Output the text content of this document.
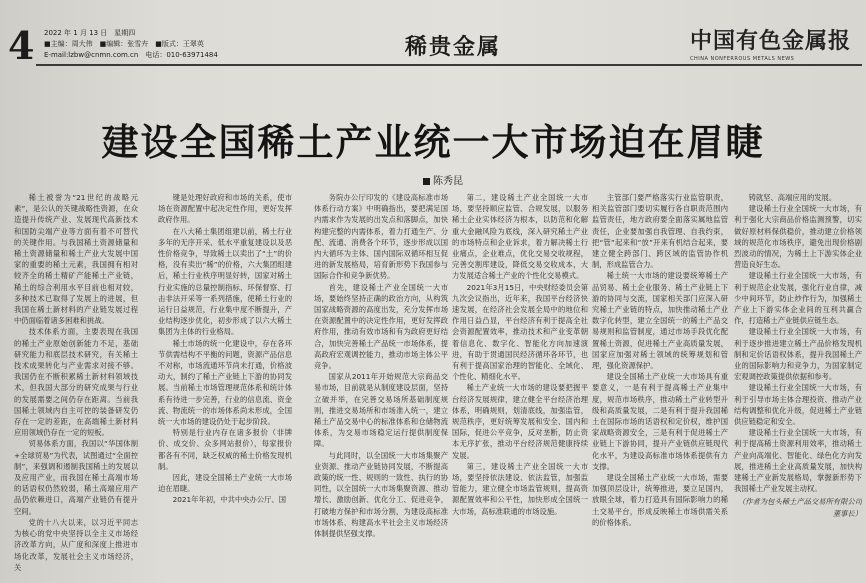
4 2022 年 1 月 13 日　星期四
■主编：周大伟　■编辑：张雪卉　■版式：王翠英
E-mail:lzbw@cnmn.com.cn　电话：010-63971484	稀贵金属	中国有色金属报
CHINA NONFERROUS METALS NEWS
建设全国稀土产业统一大市场迫在眉睫
陈秀昆

稀土被誉为“21世纪的战略元素”，是公认的关键战略性资源，在众造提升传统产业、发展现代高新技术和国防尖端产业等方面有着不可替代的关键作用。与我国稀土资源储量和稀土资源储量和稀土产业大发展中国家的重要的稀土元素，我国拥有相对较齐全的稀土精矿产能稀土产业链，稀土的综合利用水平目前也相对较，多种技术已取得了发展上的进展，但我国在稀土新材料的产业链发展过程中仍面临着诸多困难和挑战。

技术体系方面，主要表现在我国的稀土产业原始创新能力不足，基础研究能力和底层技术研究，有关稀土技术成果转化与产业需求对接不够。我国仍在不断积累稀土新材料领域技术，但我国大部分的研究成果与行业的发展需要之间仍存在距离。当前我国稀土领域内自主可控的装备研发仍存在一定的差距，在高端稀土新材料应用领域仍存在一定的短板。

贸易体系方面，我国以“华国体制+全球贸易”为代表，试图通过“全面控制”，来强调和遏制我国稀土的发展以及应用产业，而我国在稀土高端市场的话语权仍然较弱，稀土高端应用产品仍依赖进口，高端产业链仍有提升空间。

党的十八大以来，以习近平同志为核心的党中央坚持以全主义市场经济改革方向，从广度和深度上推进市场化改革，发展社会主义市场经济，关

键是处理好政府和市场的关系，使市场在资源配置中起决定性作用，更好发挥政府作用。

在八大稀土集团组建以前，稀土行业多年的无序开采、低水平重复建设以及恶性价格竞争，导致稀土以卖出了“土”的价格，没有卖出“稀”的价格，六大集团组建后，稀土行业秩序明显好转，国家对稀土行业实施的总量控制指标、环保督察、打击非法开采等一系列措施，使稀土行业的运行日益规范，行业集中度不断提升，产业结构逐步优化，初步形成了以六大稀土集团为主体的行业格局。

稀土市场的统一化建设中，存在各环节供需结构不平衡的问题，资源产品信息不对称，市场流通环节尚未打通，价格波动大，制约了稀土产业链上下游的协同发展。当前稀土市场管理规范体系和统计体系有待进一步完善，行业的信息流、资金流、物流统一的市场体系尚未形成，全国统一大市场的建设仍处于起步阶段。

特别是行业内存在诸多报价（非牌价、成交价、众多网站报价），每家报价都各有不同，缺乏权威的稀土价格发现机制。

因此，建设全国稀土产业统一大市场迫在眉睫。

2021年年初，中共中央办公厅、国

务院办公厅印发的《建设高标准市场体系行动方案》中明确指出，要把满足国内需求作为发展的出发点和落脚点，加快构建完整的内需体系，着力打通生产、分配、流通、消费各个环节，逐步形成以国内大循环为主体、国内国际双循环相互促进的新发展格局，培育新形势下我国参与国际合作和竞争新优势。

首先，建设稀土产业全国统一大市场，要始终坚持正确的政治方向，从构筑国家战略资源的高度出发，充分发挥市场在资源配置中的决定性作用，更好发挥政府作用，推动有效市场和有为政府更好结合，加快完善稀土产品统一市场体系，提高政府宏观调控能力，推动市场主体公平竞争。

国家从2011年开始规范大宗商品交易市场，目前就是从制度建设层面，坚持立破并举，在完善交易场所基础制度规则，推进交易场所和市场准入统一，建立稀土产品交易中心的标准体系和仓储物流体系，为交易市场稳定运行提供制度保障。

与此同时，以全国统一大市场集聚产业资源、推动产业链协同发展，不断提高政策的统一性、规则的一致性、执行的协同性，以全国统一大市场集聚资源、推动增长、激励创新、优化分工、促进竞争，打破地方保护和市场分割，为建设高标准市场体系、构建高水平社会主义市场经济体制提供坚强支撑。

第二，建设稀土产业全国统一大市场，要坚持顺应监管、合规发展，以服务稀土企业实体经济为根本，以防范和化解重大金融风险为底线，深入研究稀土产业的市场特点和企业诉求，着力解决稀土行业痛点，企业难点，优化交易交收规程，完善交割库建设，降低交易交收成本，大力发展适合稀土产业的个性化交易模式。

2021年3月15日，中央财经委员会第九次会议指出，近年来，我国平台经济快速发展，在经济社会发展全局中的地位和作用日益凸显，平台经济有利于提高全社会资源配置效率，推动技术和产业变革朝着信息化、数字化、智能化方向加速演进，有助于贯通国民经济循环各环节，也有利于提高国家治理的智能化、全域化、个性化、精细化水平。

稀土产业统一大市场的建设要把握平台经济发展规律，建立健全平台经济治理体系，明确规则，划清底线，加强监管，规范秩序，更好统筹发展和安全、国内和国际，促进公平竞争，反对垄断，防止资本无序扩张，推动平台经济规范健康持续发展。

第三，建设稀土产业全国统一大市场，要坚持依法建设、依法监管，加强监管能力，建立健全市场监管规则，提高资源配置效率和公平性，加快形成全国统一大市场，高标准联通的市场设施。

主管部门要严格落实行业监管职责，相关监管部门要切实履行各自职责范围内监管责任，地方政府要全面落实属地监管责任，企业要加强自我管理、自我约束，把“管”起来和“放”开来有机结合起来，要建立健全跨部门、跨区域的监管协作机制，形成监管合力。

稀土统一大市场的建设要统筹稀土产品贸易、稀土企业服务、稀土产业链上下游的协同与交流，国家相关部门应深入研究稀土产业链的特点，加快推动稀土产业数字化转型，建立全国统一的稀土产品交易规则和监管制度，通过市场手段优化配置稀土资源，促进稀土产业高质量发展，国家应加强对稀土领域的统筹规划和管理，强化资源保护。

建设全国稀土产业统一大市场具有重要意义，一是有利于提高稀土产业集中度，规范市场秩序，推动稀土产业转型升级和高质量发展，二是有利于提升我国稀土在国际市场的话语权和定价权，维护国家战略资源安全，三是有利于促进稀土产业链上下游协同，提升产业链供应链现代化水平，为建设高标准市场体系提供有力支撑。

建设全国稀土产业统一大市场，需要加强顶层设计，统筹推进，要立足国内，放眼全球，着力打造具有国际影响力的稀土交易平台，形成反映稀土市场供需关系的价格体系。

铸就坚、高端应用的发展。

建设稀土行业全国统一大市场，有利于强化大宗商品价格监测预警，切实做好原材料保供稳价，推动建立价格领域的规范化市场秩序，避免出现价格剧烈波动的情况，为稀土上下游实体企业营造良好生态。

建设稀土行业全国统一大市场，有利于规范企业发展，强化行业自律，减少中间环节，防止炒作行为，加强稀土产业上下游实体企业间的互利共赢合作，打造稀土产业链供应链生态。

建设稀土行业全国统一大市场，有利于逐步推进建立稀土产品价格发现机制和定价话语权体系，提升我国稀土产业的国际影响力和竞争力，为国家制定宏观调控政策提供依据和参考。

建设稀土行业全国统一大市场，有利于引导市场主体合理投资、推动产业结构调整和优化升级，促进稀土产业链供应链稳定和安全。

建设稀土行业全国统一大市场，有利于提高稀土资源利用效率，推动稀土产业向高端化、智能化、绿色化方向发展，推进稀土企业高质量发展，加快构建稀土产业新发展格局，掌握新形势下我国稀土产业发展主动权。

（作者为包头稀土产品交易所有限公司董事长）
